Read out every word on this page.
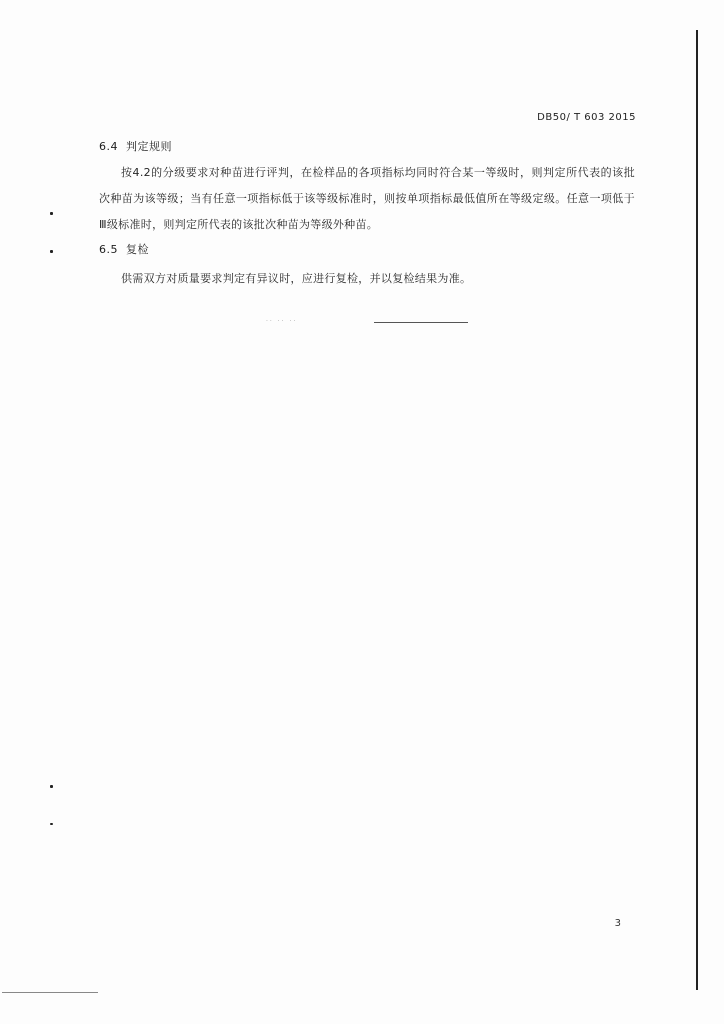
DB50/ T 603 2015
6.4 判定规则
按4.2的分级要求对种苗进行评判，在检样品的各项指标均同时符合某一等级时，则判定所代表的该批次种苗为该等级；当有任意一项指标低于该等级标准时，则按单项指标最低值所在等级定级。任意一项低于Ⅲ级标准时，则判定所代表的该批次种苗为等级外种苗。
6.5 复检
供需双方对质量要求判定有异议时，应进行复检，并以复检结果为准。
·· ·· ··
3
